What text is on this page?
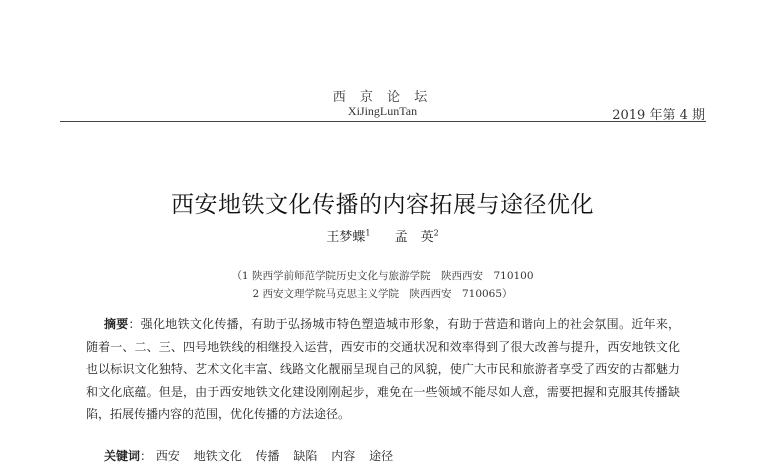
西 京 论 坛
XiJingLunTan	2019 年第 4 期
西安地铁文化传播的内容拓展与途径优化
王梦蝶$^1$ 孟　英$^2$
（1 陕西学前师范学院历史文化与旅游学院　陕西西安　710100
2 西安文理学院马克思主义学院　陕西西安　710065）
摘要：强化地铁文化传播，有助于弘扬城市特色塑造城市形象，有助于营造和谐向上的社会氛围。近年来，随着一、二、三、四号地铁线的相继投入运营，西安市的交通状况和效率得到了很大改善与提升，西安地铁文化也以标识文化独特、艺术文化丰富、线路文化靓丽呈现自己的风貌，使广大市民和旅游者享受了西安的古都魅力和文化底蕴。但是，由于西安地铁文化建设刚刚起步，难免在一些领域不能尽如人意，需要把握和克服其传播缺陷，拓展传播内容的范围，优化传播的方法途径。
关键词： 西安 地铁文化 传播 缺陷 内容 途径
